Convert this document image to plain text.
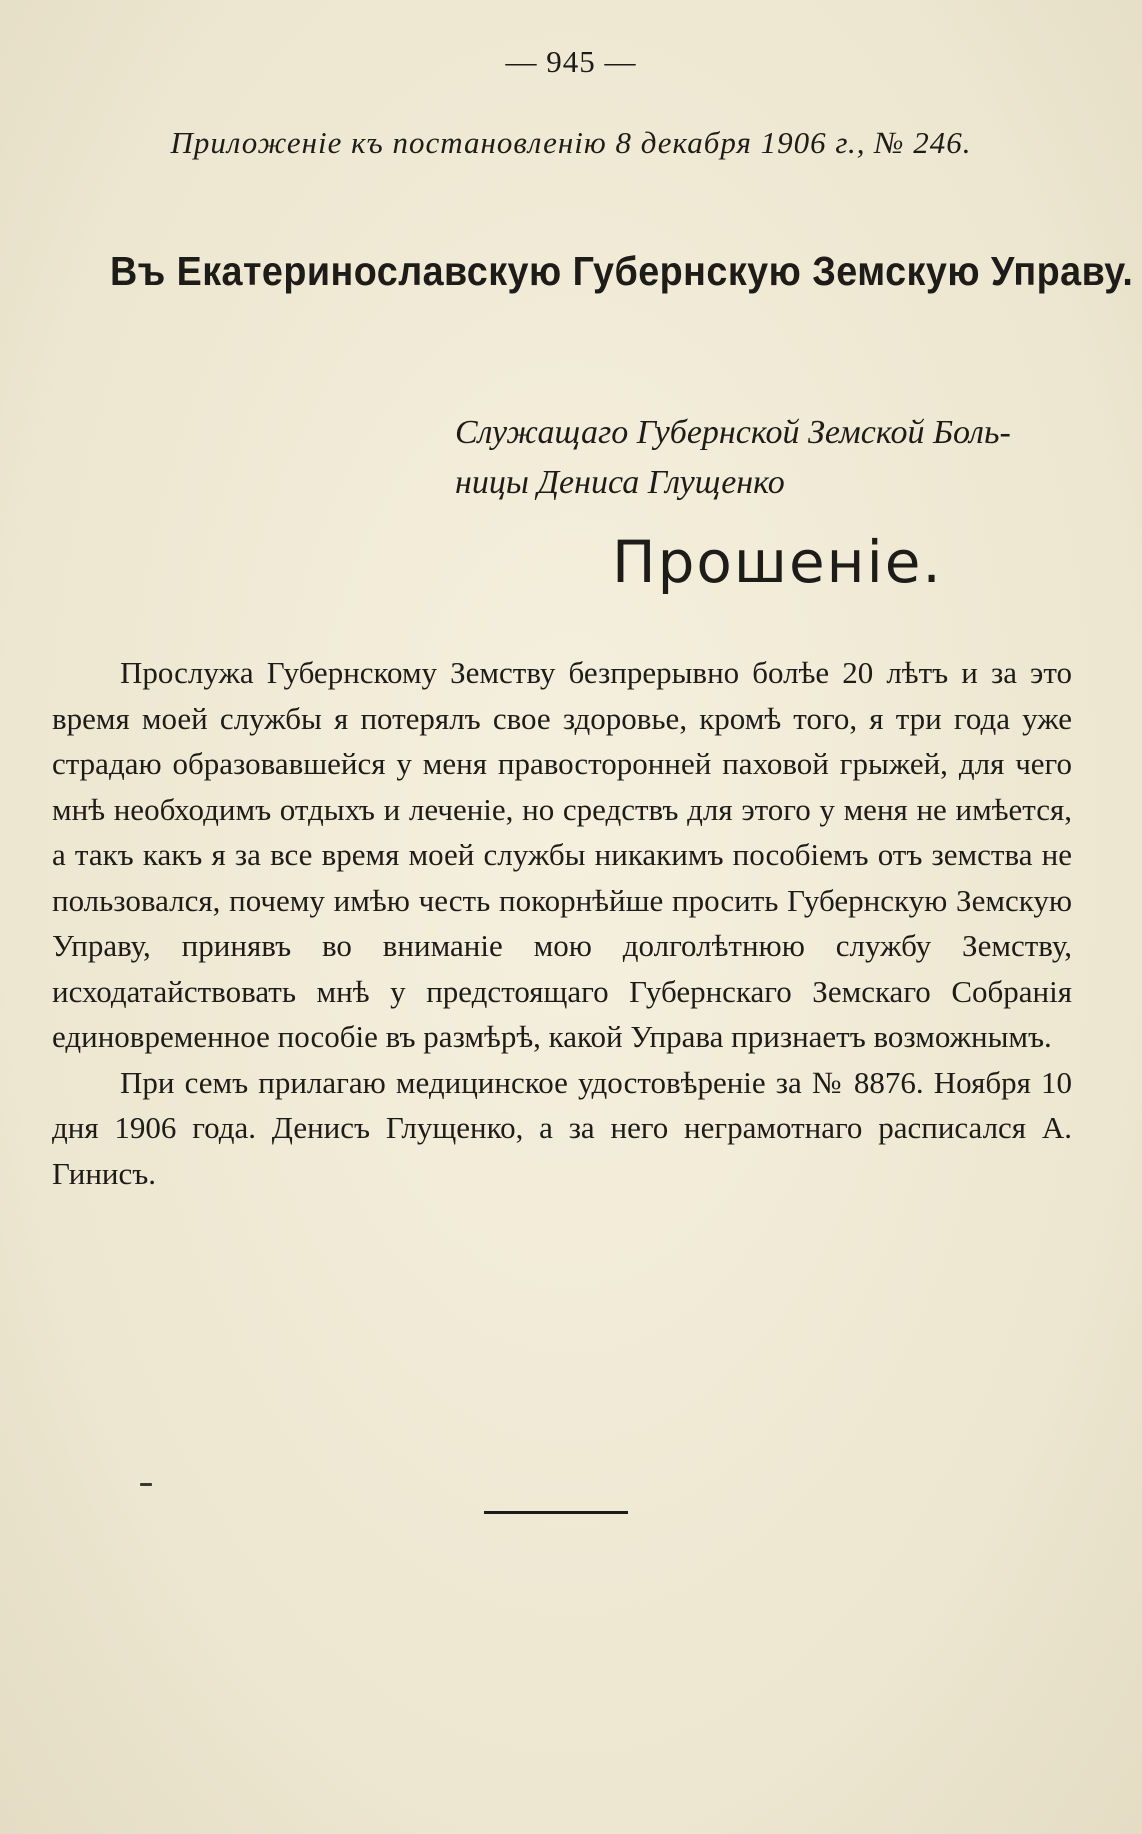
— 945 —
Приложеніе къ постановленію 8 декабря 1906 г., № 246.
Въ Екатеринославскую Губернскую Земскую Управу.
Служащаго Губернской Земской Боль-
ницы Дениса Глущенко
Прошеніе.

Прослужа Губернскому Земству безпрерывно болѣе 20 лѣтъ и за это время моей службы я потерялъ свое здоровье, кромѣ того, я три года уже страдаю образовавшейся у меня правосторонней паховой грыжей, для чего мнѣ необходимъ отдыхъ и леченіе, но средствъ для этого у меня не имѣется, а такъ какъ я за все время моей службы никакимъ пособіемъ отъ земства не пользовался, почему имѣю честь покорнѣйше просить Губернскую Земскую Управу, принявъ во вниманіе мою долголѣтнюю службу Земству, исходатайствовать мнѣ у предстоящаго Губернскаго Земскаго Собранія единовременное пособіе въ размѣрѣ, какой Управа признаетъ возможнымъ.

При семъ прилагаю медицинское удостовѣреніе за № 8876. Ноября 10 дня 1906 года. Денисъ Глущенко, а за него неграмотнаго расписался А. Гинисъ.
